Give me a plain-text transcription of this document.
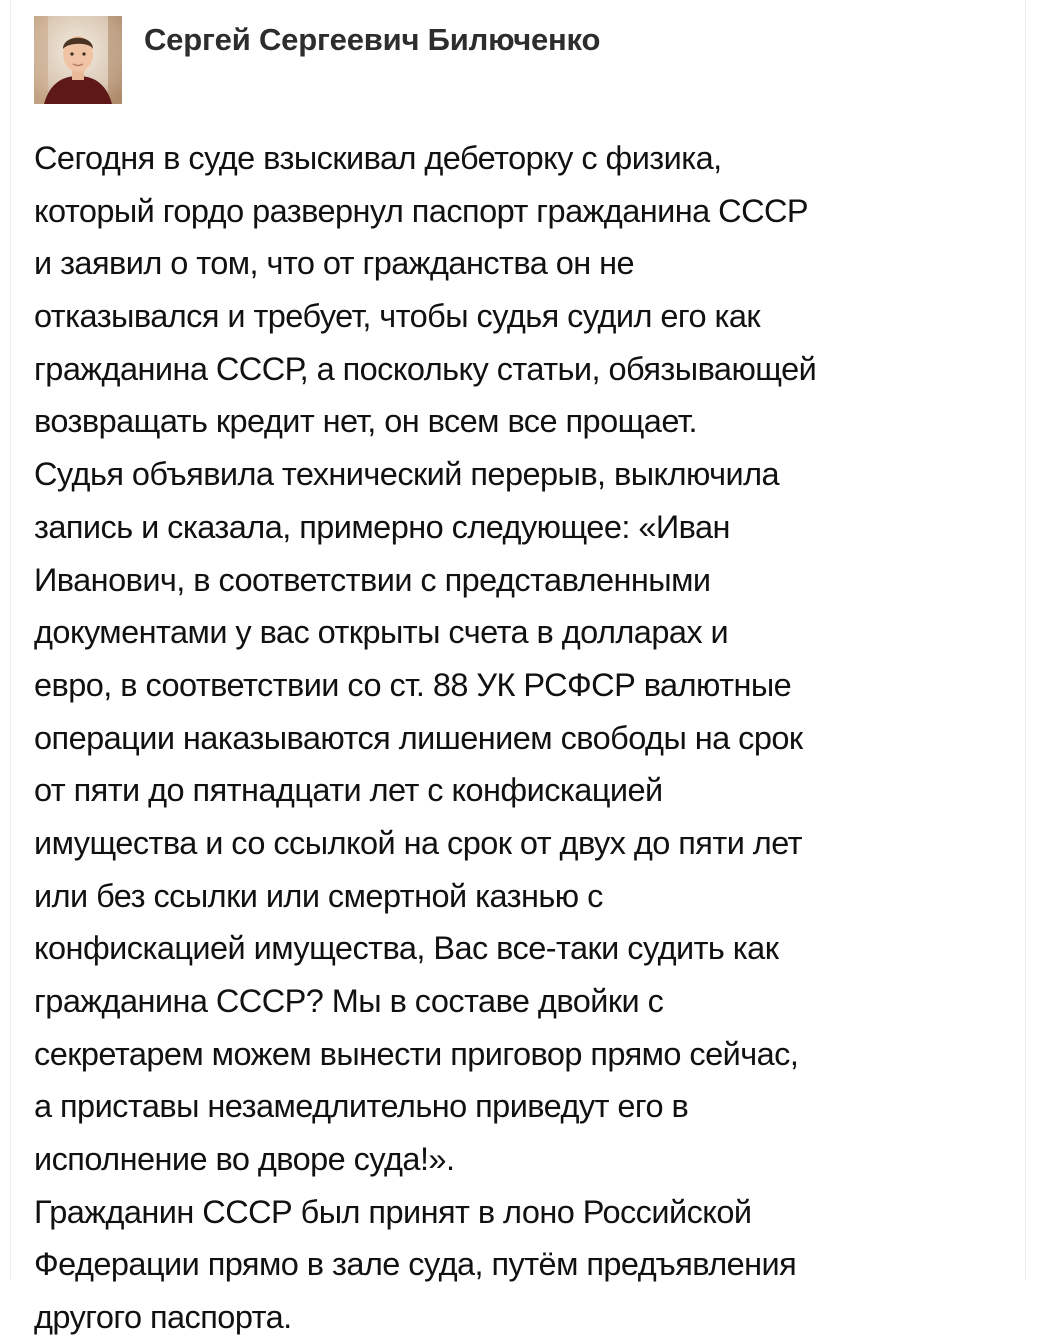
Сергей Сергеевич Билюченко
Сегодня в суде взыскивал дебеторку с физика,
который гордо развернул паспорт гражданина СССР
и заявил о том, что от гражданства он не
отказывался и требует, чтобы судья судил его как
гражданина СССР, а поскольку статьи, обязывающей
возвращать кредит нет, он всем все прощает.
Судья объявила технический перерыв, выключила
запись и сказала, примерно следующее: «Иван
Иванович, в соответствии с представленными
документами у вас открыты счета в долларах и
евро, в соответствии со ст. 88 УК РСФСР валютные
операции наказываются лишением свободы на срок
от пяти до пятнадцати лет с конфискацией
имущества и со ссылкой на срок от двух до пяти лет
или без ссылки или смертной казнью с
конфискацией имущества, Вас все-таки судить как
гражданина СССР? Мы в составе двойки с
секретарем можем вынести приговор прямо сейчас,
а приставы незамедлительно приведут его в
исполнение во дворе суда!».
Гражданин СССР был принят в лоно Российской
Федерации прямо в зале суда, путём предъявления
другого паспорта.
